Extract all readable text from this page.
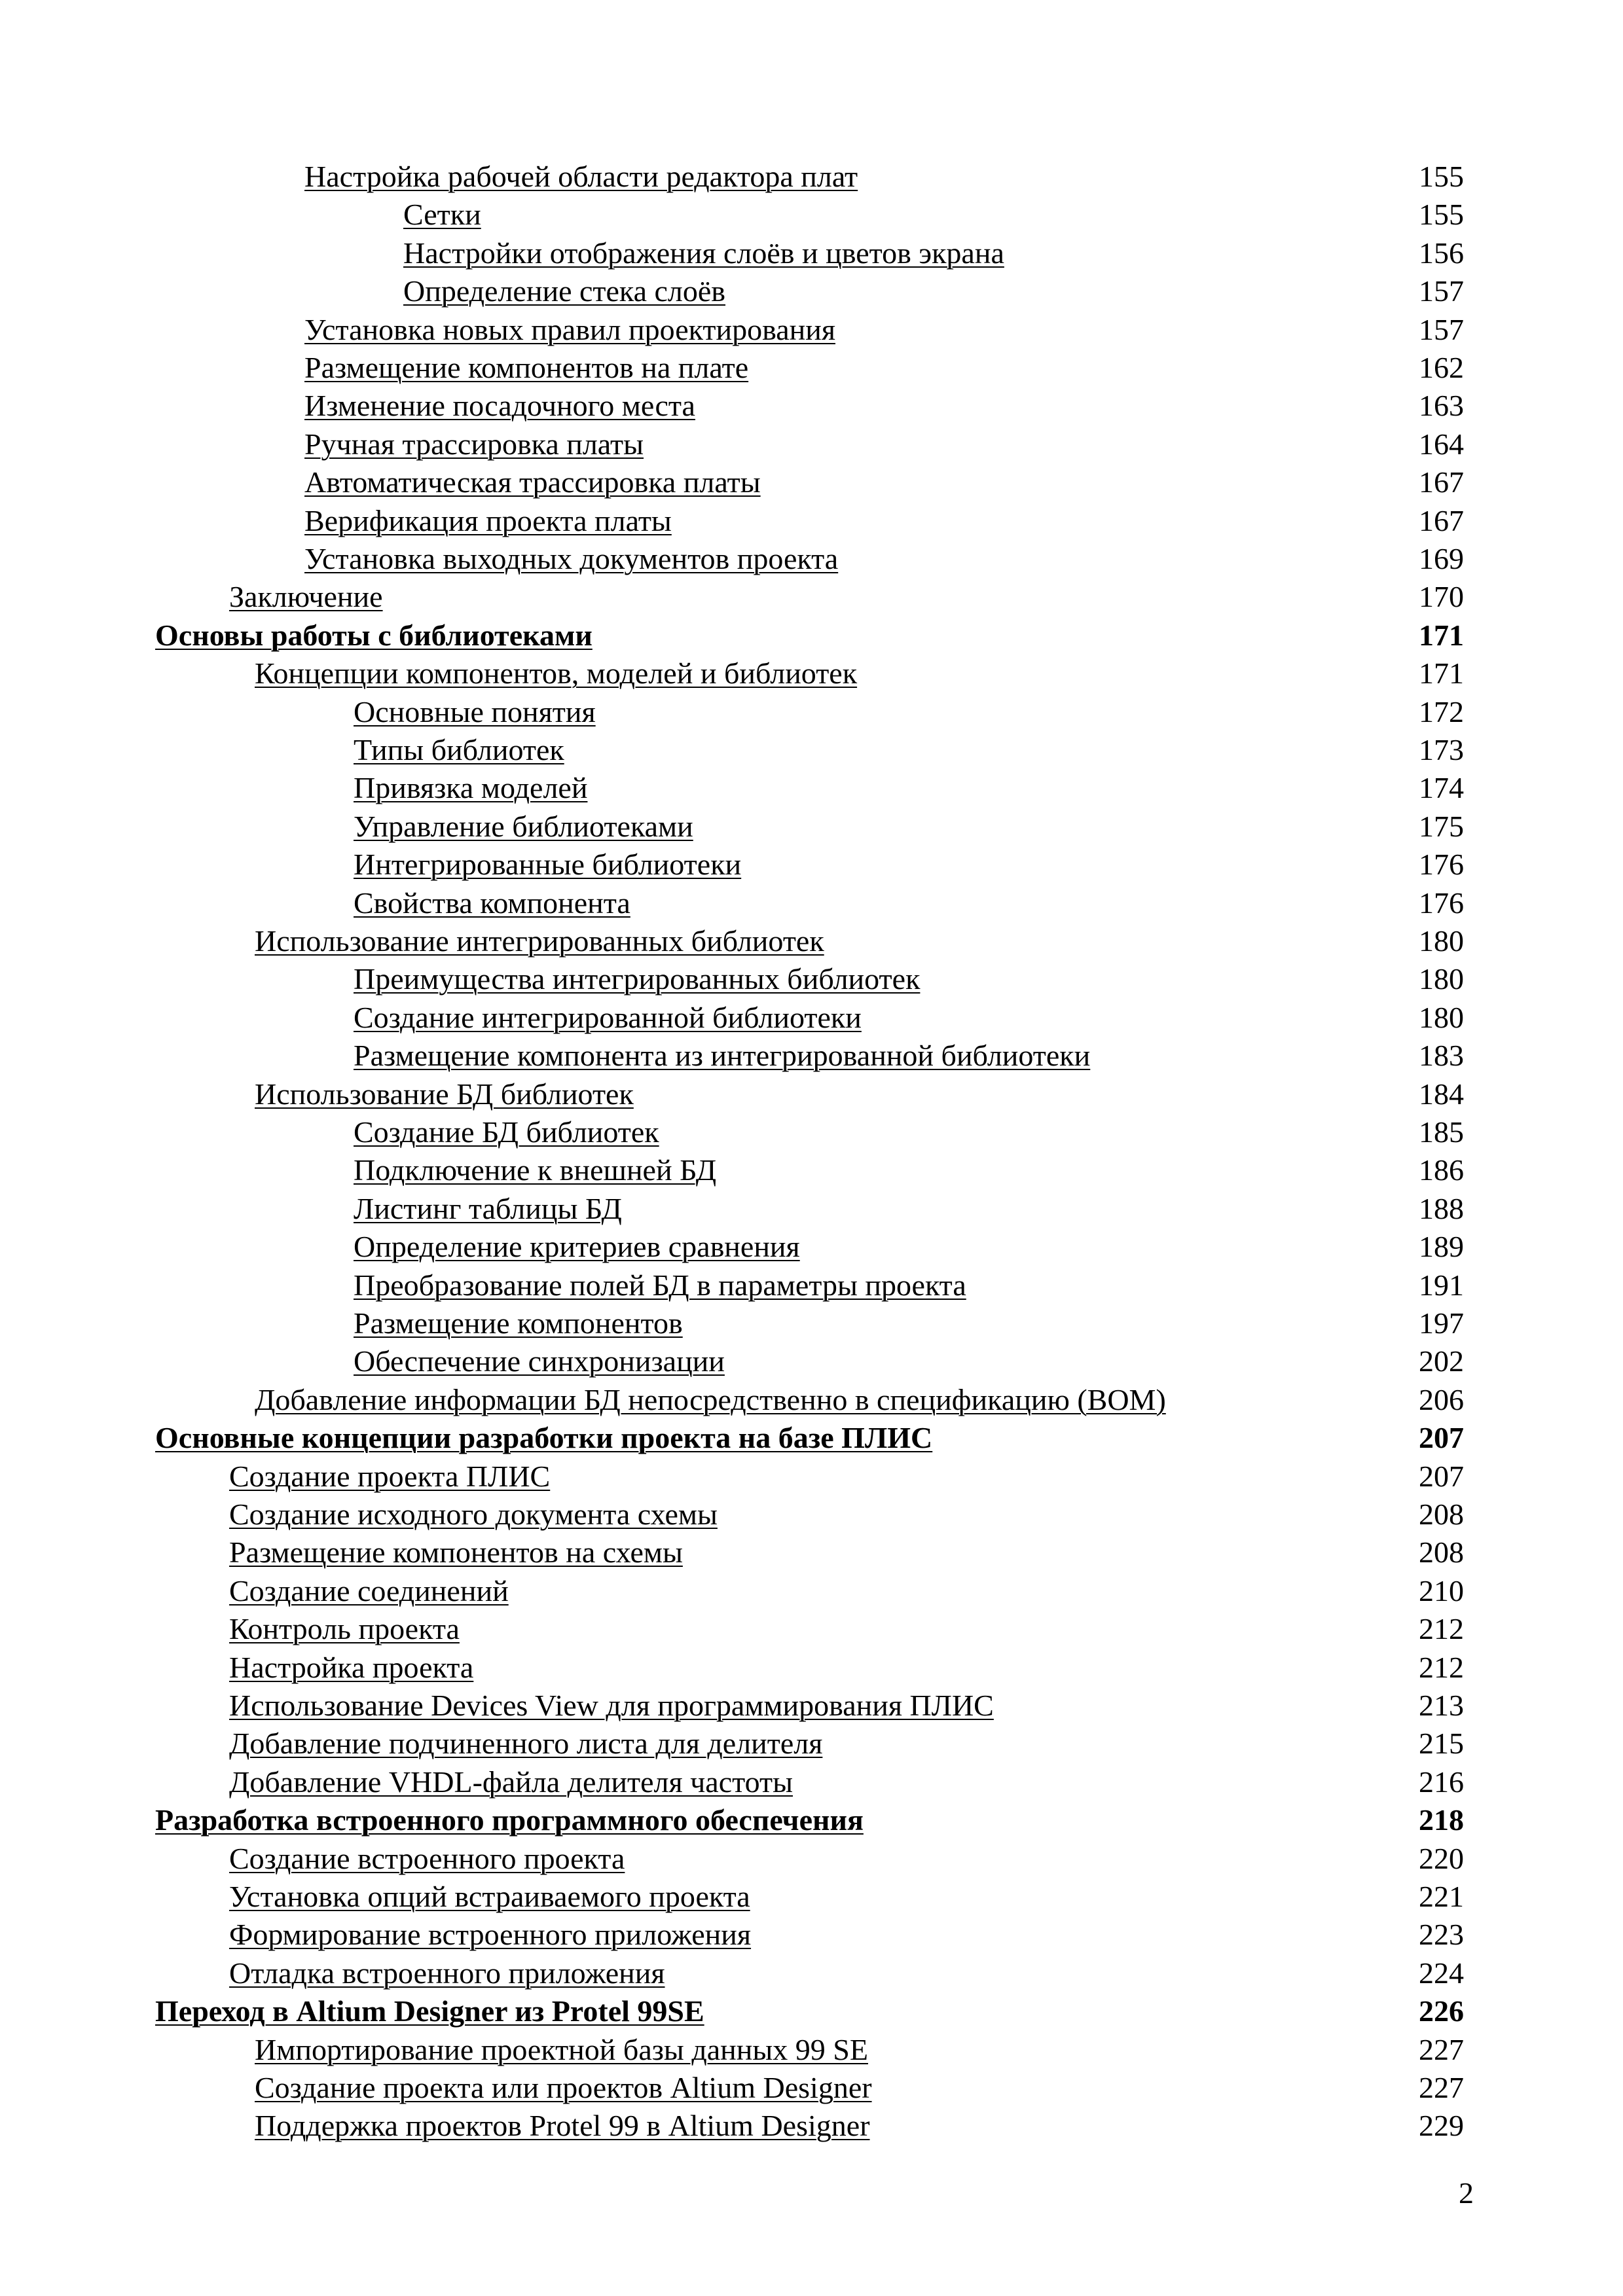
Настройка рабочей области редактора плат	155
Сетки	155
Настройки отображения слоёв и цветов экрана	156
Определение стека слоёв	157
Установка новых правил проектирования	157
Размещение компонентов на плате	162
Изменение посадочного места	163
Ручная трассировка платы	164
Автоматическая трассировка платы	167
Верификация проекта платы	167
Установка выходных документов проекта	169
Заключение	170
Основы работы с библиотеками	171
Концепции компонентов, моделей и библиотек	171
Основные понятия	172
Типы библиотек	173
Привязка моделей	174
Управление библиотеками	175
Интегрированные библиотеки	176
Свойства компонента	176
Использование интегрированных библиотек	180
Преимущества интегрированных библиотек	180
Создание интегрированной библиотеки	180
Размещение компонента из интегрированной библиотеки	183
Использование БД библиотек	184
Создание БД библиотек	185
Подключение к внешней БД	186
Листинг таблицы БД	188
Определение критериев сравнения	189
Преобразование полей БД в параметры проекта	191
Размещение компонентов	197
Обеспечение синхронизации	202
Добавление информации БД непосредственно в спецификацию (BOM)	206
Основные концепции разработки проекта на базе ПЛИС	207
Создание проекта ПЛИС	207
Создание исходного документа схемы	208
Размещение компонентов на схемы	208
Создание соединений	210
Контроль проекта	212
Настройка проекта	212
Использование Devices View для программирования ПЛИС	213
Добавление подчиненного листа для делителя	215
Добавление VHDL-файла делителя частоты	216
Разработка встроенного программного обеспечения	218
Создание встроенного проекта	220
Установка опций встраиваемого проекта	221
Формирование встроенного приложения	223
Отладка встроенного приложения	224
Переход в Altium Designer из Protel 99SE	226
Импортирование проектной базы данных 99 SE	227
Создание проекта или проектов Altium Designer	227
Поддержка проектов Protel 99 в Altium Designer	229
2
